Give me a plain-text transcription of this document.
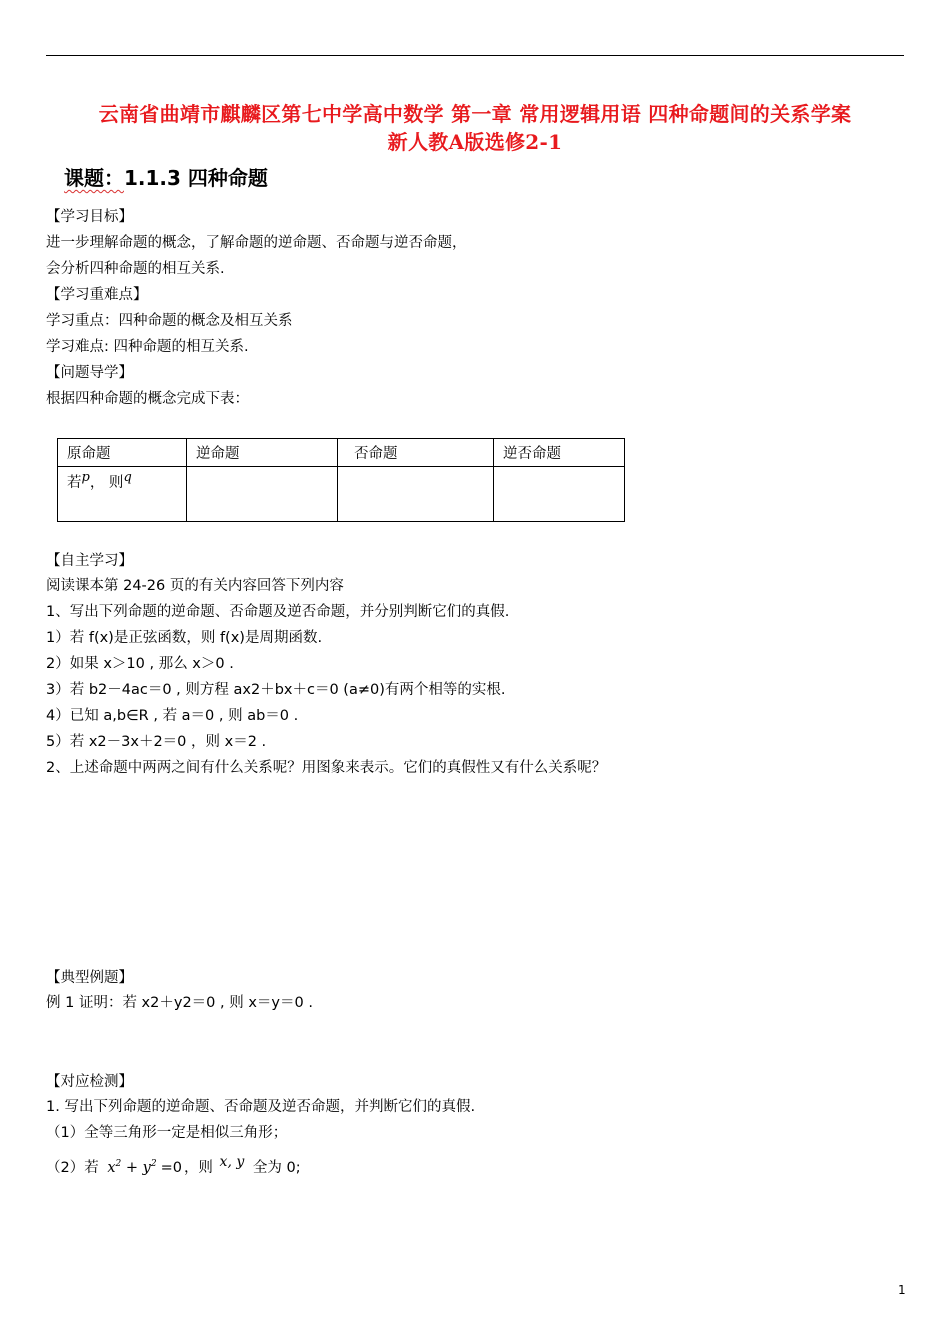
云南省曲靖市麒麟区第七中学高中数学 第一章 常用逻辑用语 四种命题间的关系学案
新人教A版选修2-1
课题：1.1.3 四种命题
【学习目标】
进一步理解命题的概念，了解命题的逆命题、否命题与逆否命题，
会分析四种命题的相互关系.
【学习重难点】
学习重点：四种命题的概念及相互关系
学习难点: 四种命题的相互关系.
【问题导学】
根据四种命题的概念完成下表：
原命题	逆命题	否命题	逆否命题
若$^p$， 则$^q$			
【自主学习】
阅读课本第 24-26 页的有关内容回答下列内容
1、写出下列命题的逆命题、否命题及逆否命题，并分别判断它们的真假.
1）若 f(x)是正弦函数，则 f(x)是周期函数.
2）如果 x＞10 , 那么 x＞0 .
3）若 b2－4ac＝0 , 则方程 ax2＋bx＋c＝0 (a≠0)有两个相等的实根.
4）已知 a,b∈R , 若 a＝0 , 则 ab＝0 .
5）若 x2－3x＋2＝0 ，则 x＝2 .
2、上述命题中两两之间有什么关系呢？用图象来表示。它们的真假性又有什么关系呢？
【典型例题】
例 1 证明：若 x2＋y2＝0 , 则 x＝y＝0 .
【对应检测】
1. 写出下列命题的逆命题、否命题及逆否命题，并判断它们的真假.
（1）全等三角形一定是相似三角形；
（2）若 $x^2 + y^2 =0$ ，则 $^{x, y}$ 全为 0;
1
